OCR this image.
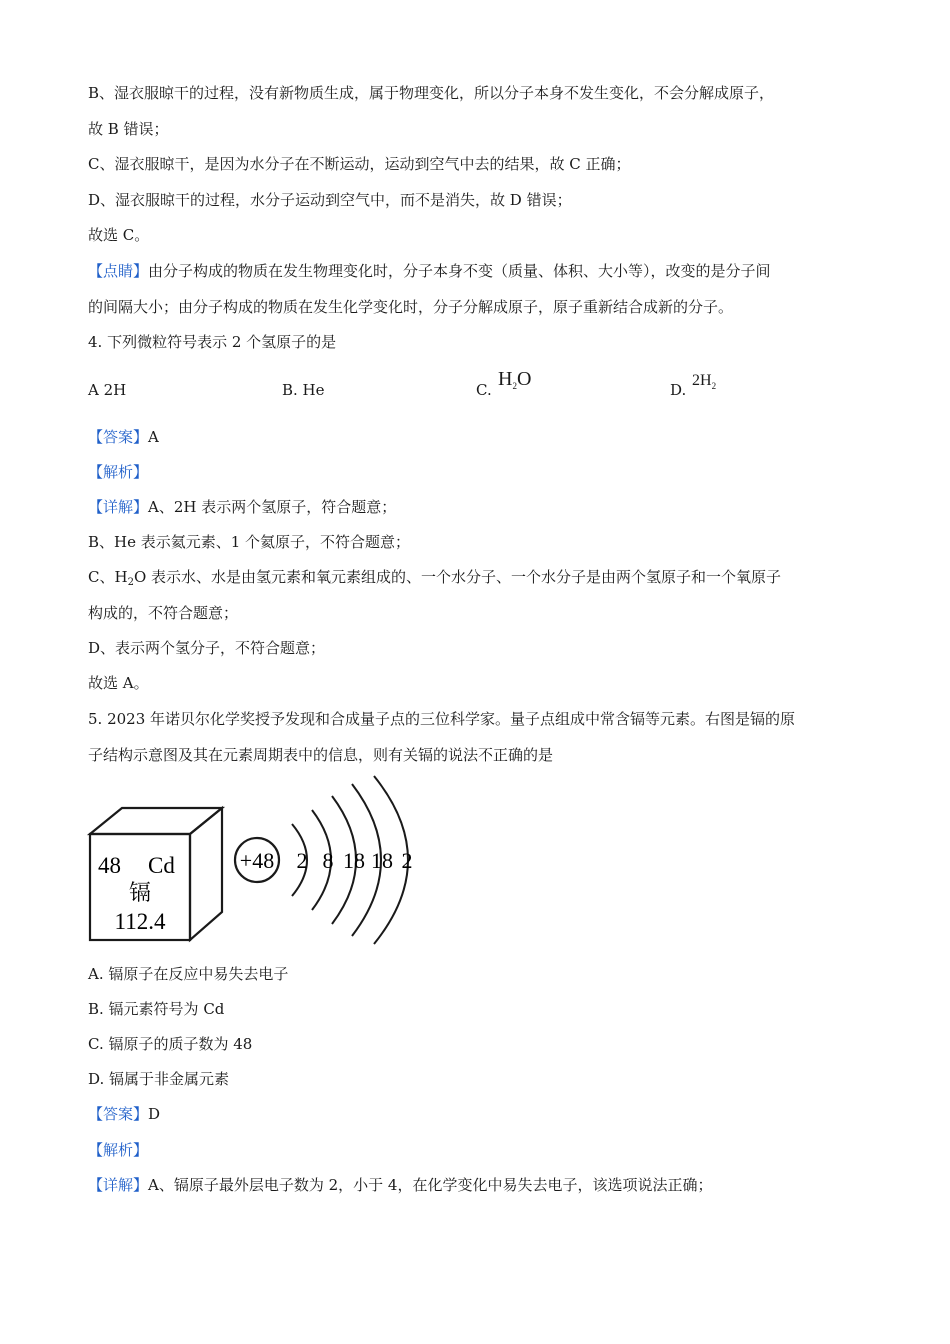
B、湿衣服晾干的过程，没有新物质生成，属于物理变化，所以分子本身不发生变化，不会分解成原子，
故 B 错误；
C、湿衣服晾干，是因为水分子在不断运动，运动到空气中去的结果，故 C 正确；
D、湿衣服晾干的过程，水分子运动到空气中，而不是消失，故 D 错误；
故选 C。
【点睛】由分子构成的物质在发生物理变化时，分子本身不变（质量、体积、大小等），改变的是分子间
的间隔大小；由分子构成的物质在发生化学变化时，分子分解成原子，原子重新结合成新的分子。
4. 下列微粒符号表示 2 个氢原子的是
A 2H	B. He	C. $H_2O$	D.
$2H_2$
【答案】A
【解析】
【详解】A、2H 表示两个氢原子，符合题意；
B、He 表示氦元素、1 个氦原子，不符合题意；
C、$H_2O$ 表示水、水是由氢元素和氧元素组成的、一个水分子、一个水分子是由两个氢原子和一个氧原子
构成的，不符合题意；
D、表示两个氢分子，不符合题意；
故选 A。
5. 2023 年诺贝尔化学奖授予发现和合成量子点的三位科学家。量子点组成中常含镉等元素。右图是镉的原
子结构示意图及其在元素周期表中的信息，则有关镉的说法不正确的是
48 Cd
镉
112.4
+48 2 8 18 18 2
A. 镉原子在反应中易失去电子
B. 镉元素符号为 Cd
C. 镉原子的质子数为 48
D. 镉属于非金属元素
【答案】D
【解析】
【详解】A、镉原子最外层电子数为 2，小于 4，在化学变化中易失去电子，该选项说法正确；
